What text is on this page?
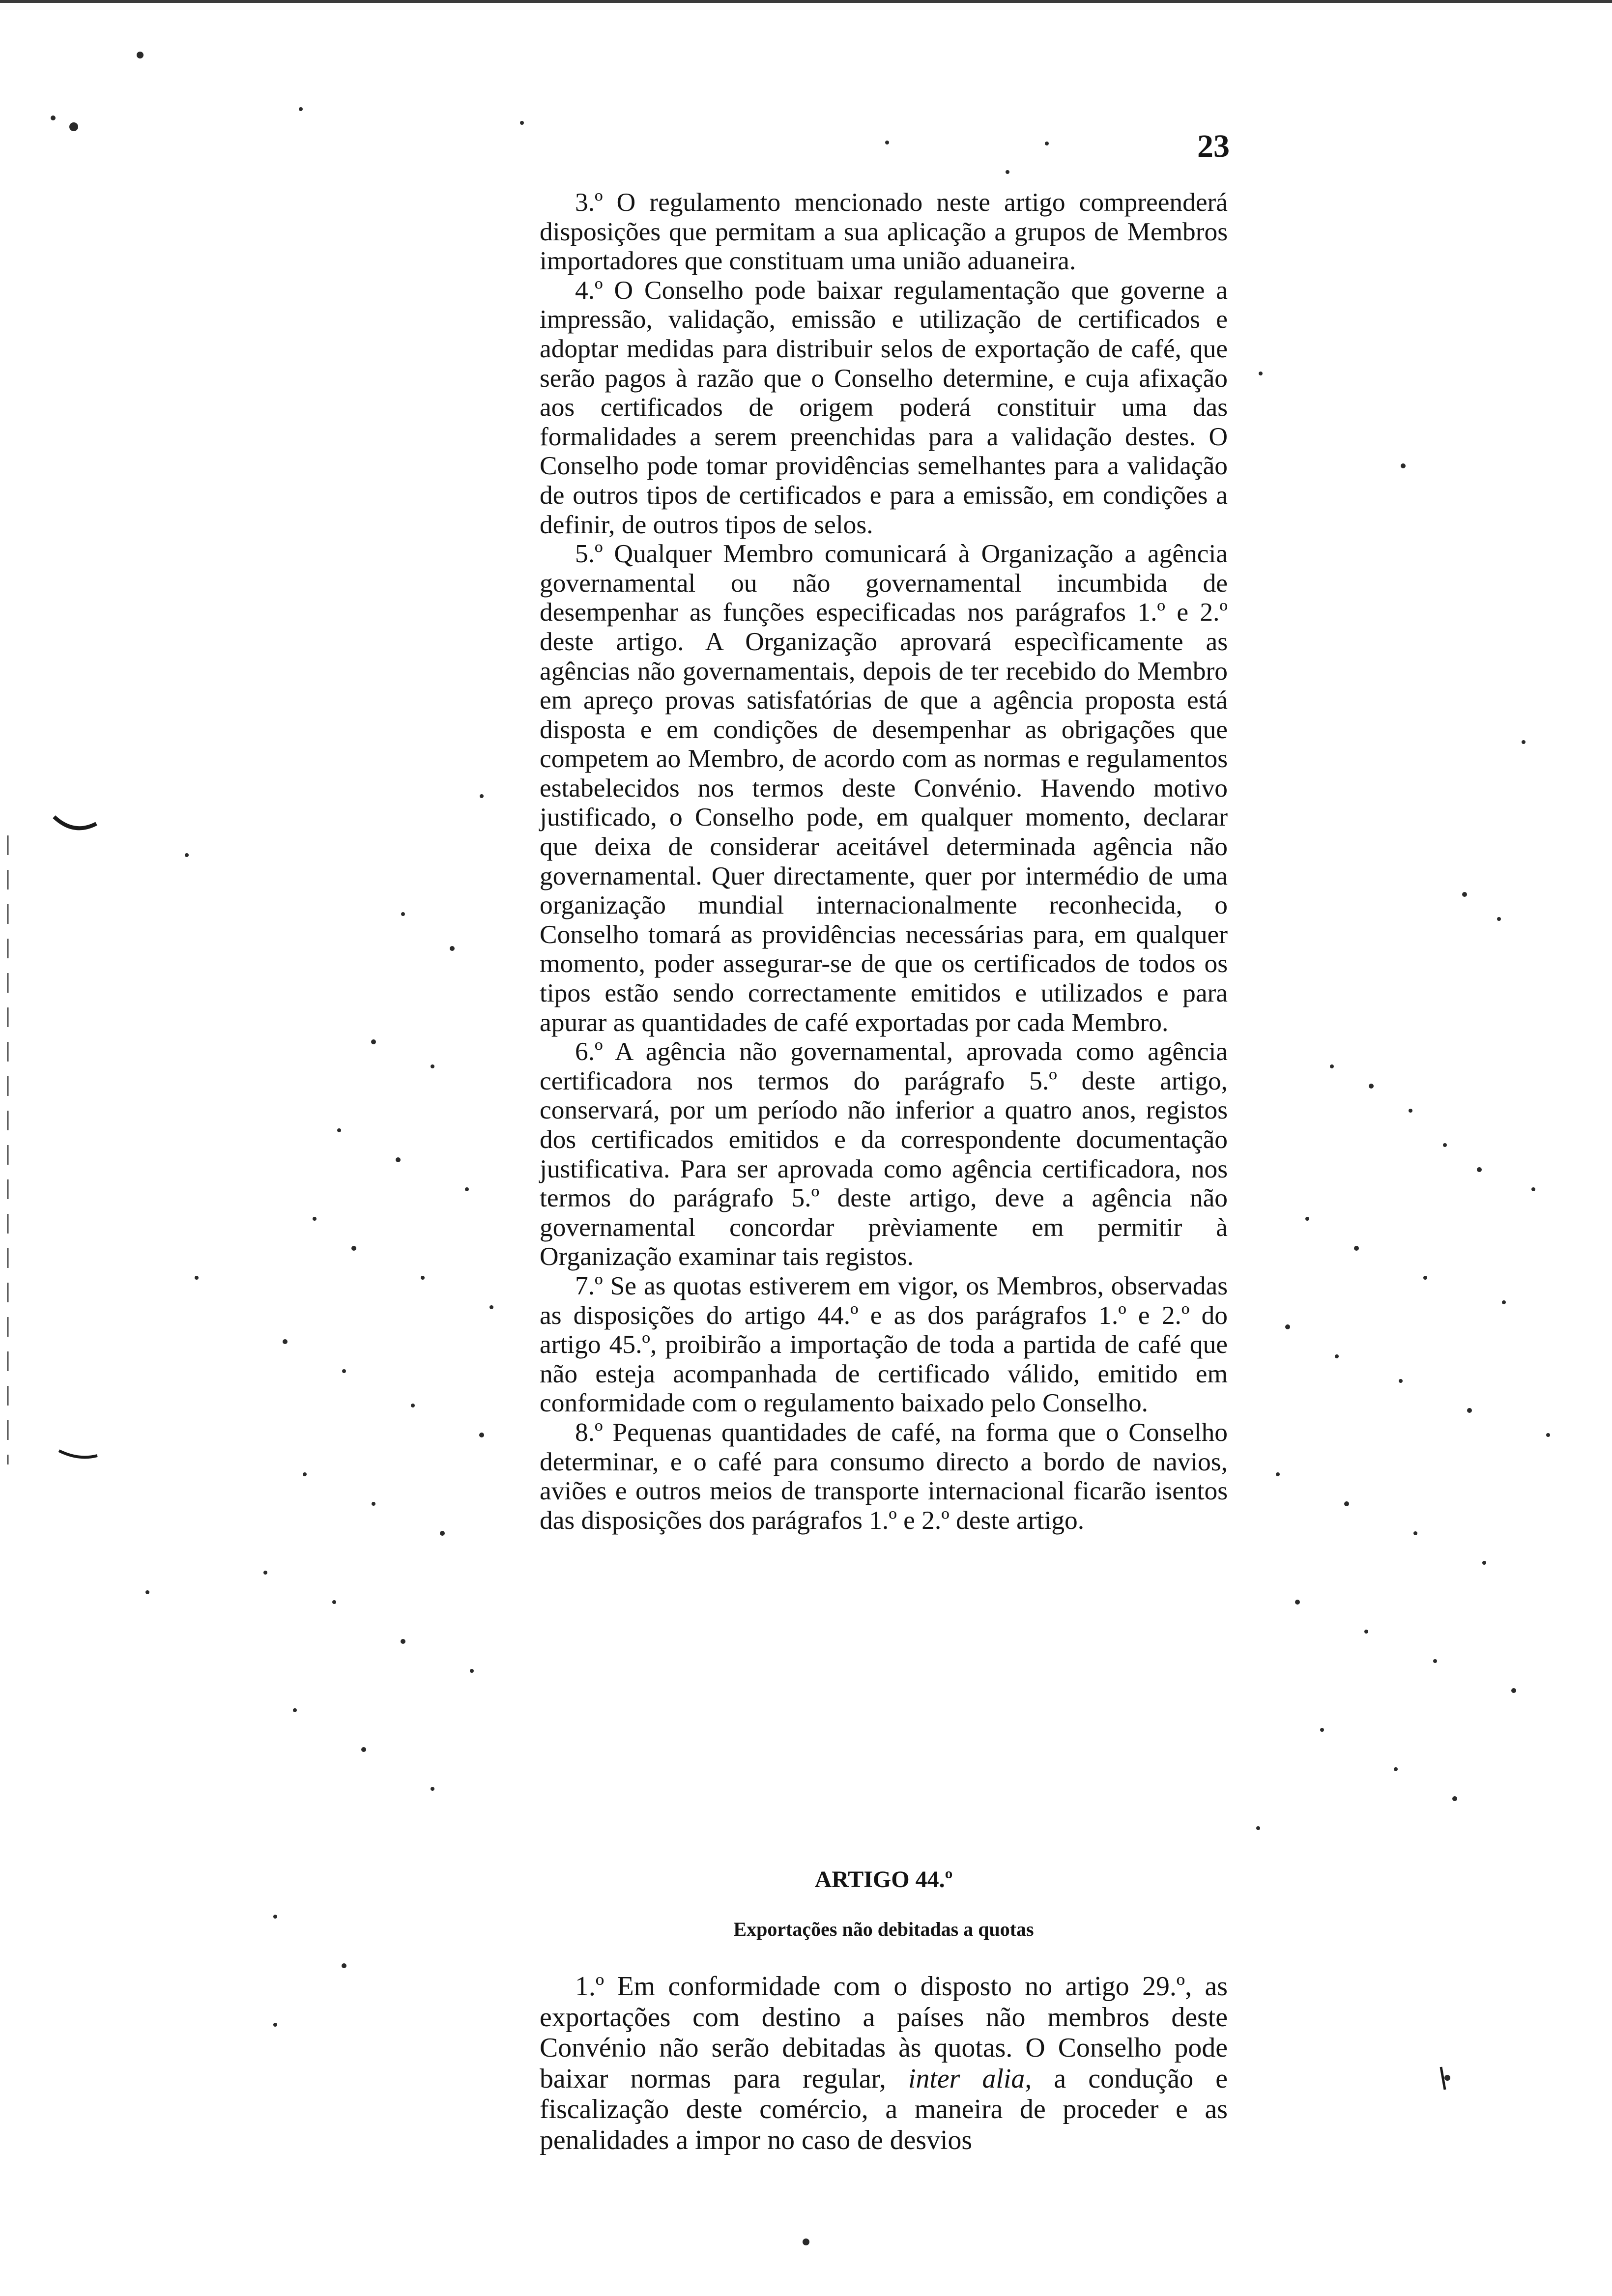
23

3.º O regulamento mencionado neste artigo compreenderá disposições que permitam a sua aplicação a grupos de Membros importadores que constituam uma união aduaneira.

4.º O Conselho pode baixar regulamentação que governe a impressão, validação, emissão e utilização de certificados e adoptar medidas para distribuir selos de exportação de café, que serão pagos à razão que o Conselho determine, e cuja afixação aos certificados de origem poderá constituir uma das formalidades a serem preenchidas para a validação destes. O Conselho pode tomar providências semelhantes para a validação de outros tipos de certificados e para a emissão, em condições a definir, de outros tipos de selos.

5.º Qualquer Membro comunicará à Organização a agência governamental ou não governamental incumbida de desempenhar as funções especificadas nos parágrafos 1.º e 2.º deste artigo. A Organização aprovará especìficamente as agências não governamentais, depois de ter recebido do Membro em apreço provas satisfatórias de que a agência proposta está disposta e em condições de desempenhar as obrigações que competem ao Membro, de acordo com as normas e regulamentos estabelecidos nos termos deste Convénio. Havendo motivo justificado, o Conselho pode, em qualquer momento, declarar que deixa de considerar aceitável determinada agência não governamental. Quer directamente, quer por intermédio de uma organização mundial internacionalmente reconhecida, o Conselho tomará as providências necessárias para, em qualquer momento, poder assegurar-se de que os certificados de todos os tipos estão sendo correctamente emitidos e utilizados e para apurar as quantidades de café exportadas por cada Membro.

6.º A agência não governamental, aprovada como agência certificadora nos termos do parágrafo 5.º deste artigo, conservará, por um período não inferior a quatro anos, registos dos certificados emitidos e da correspondente documentação justificativa. Para ser aprovada como agência certificadora, nos termos do parágrafo 5.º deste artigo, deve a agência não governamental concordar prèviamente em permitir à Organização examinar tais registos.

7.º Se as quotas estiverem em vigor, os Membros, observadas as disposições do artigo 44.º e as dos parágrafos 1.º e 2.º do artigo 45.º, proibirão a importação de toda a partida de café que não esteja acompanhada de certificado válido, emitido em conformidade com o regulamento baixado pelo Conselho.

8.º Pequenas quantidades de café, na forma que o Conselho determinar, e o café para consumo directo a bordo de navios, aviões e outros meios de transporte internacional ficarão isentos das disposições dos parágrafos 1.º e 2.º deste artigo.

ARTIGO 44.º
Exportações não debitadas a quotas

1.º Em conformidade com o disposto no artigo 29.º, as exportações com destino a países não membros deste Convénio não serão debitadas às quotas. O Conselho pode baixar normas para regular, inter alia, a condução e fiscalização deste comércio, a maneira de proceder e as penalidades a impor no caso de desvios
